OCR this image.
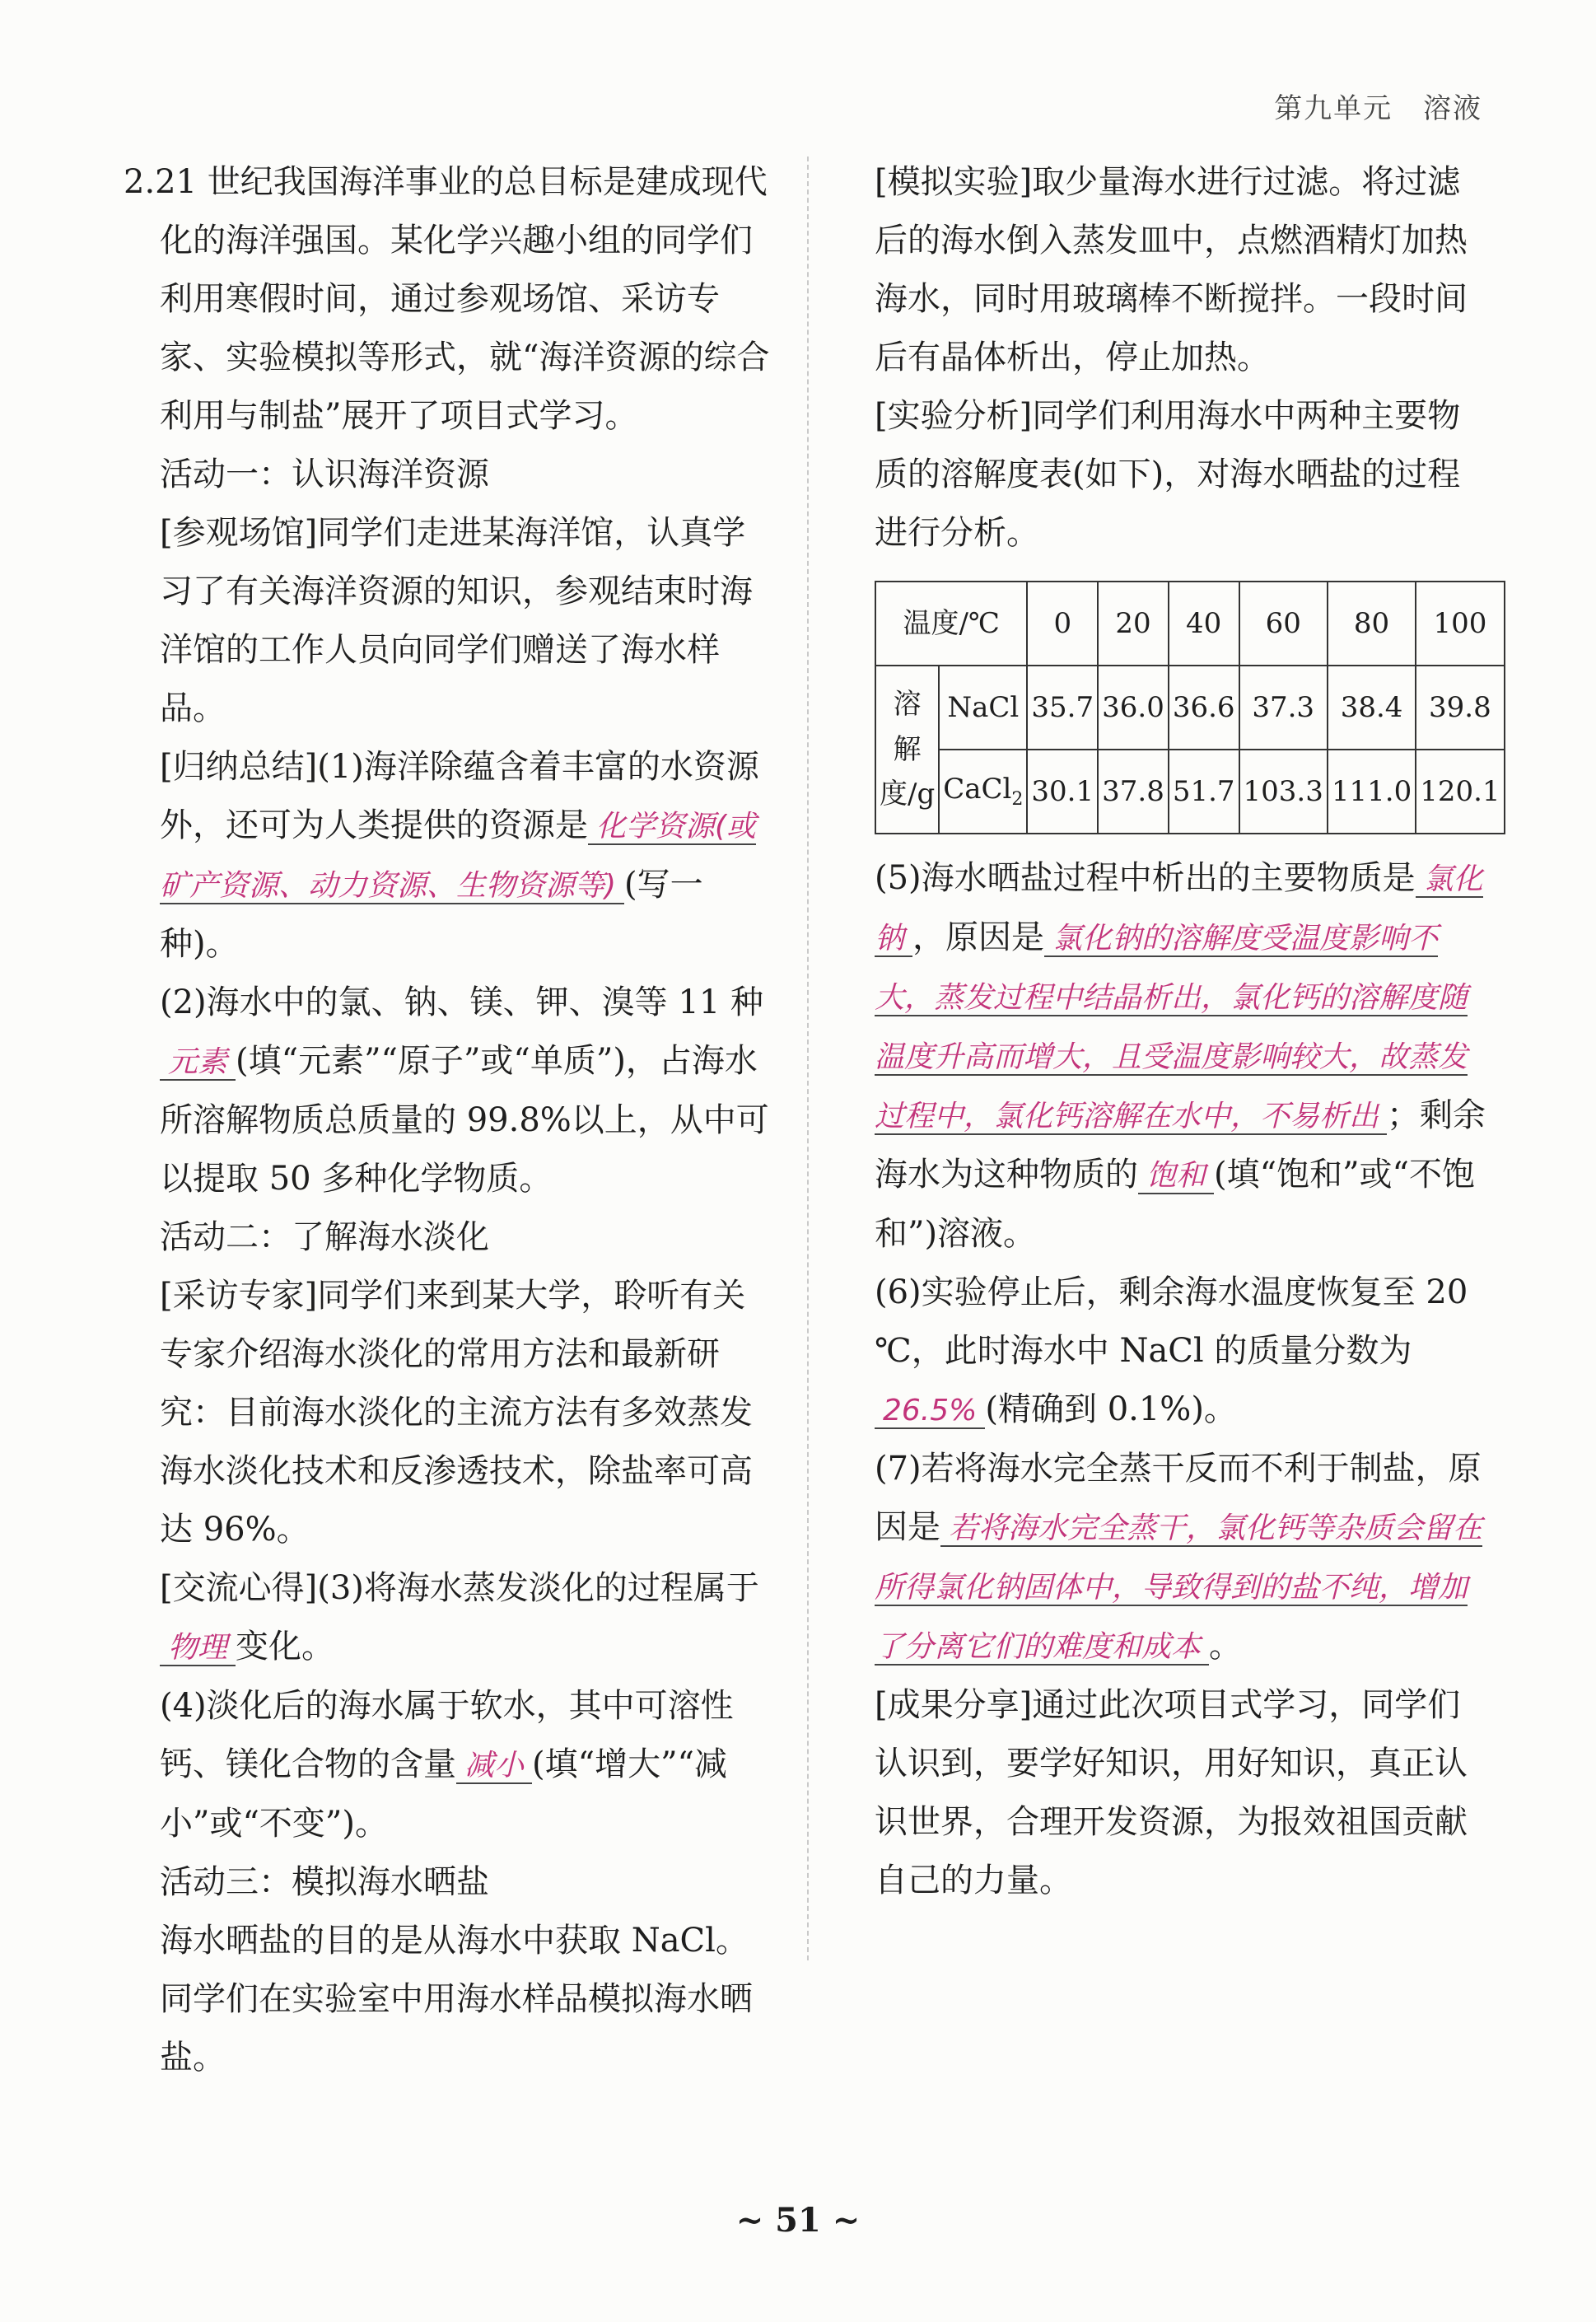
第九单元 溶液

2.21 世纪我国海洋事业的总目标是建成现代化的海洋强国。某化学兴趣小组的同学们利用寒假时间，通过参观场馆、采访专家、实验模拟等形式，就“海洋资源的综合利用与制盐”展开了项目式学习。

活动一：认识海洋资源

[参观场馆]同学们走进某海洋馆，认真学习了有关海洋资源的知识，参观结束时海洋馆的工作人员向同学们赠送了海水样品。

[归纳总结](1)海洋除蕴含着丰富的水资源外，还可为人类提供的资源是 化学资源(或矿产资源、动力资源、生物资源等) (写一种)。

(2)海水中的氯、钠、镁、钾、溴等 11 种 元素 (填“元素”“原子”或“单质”)，占海水所溶解物质总质量的 99.8%以上，从中可以提取 50 多种化学物质。

活动二：了解海水淡化

[采访专家]同学们来到某大学，聆听有关专家介绍海水淡化的常用方法和最新研究：目前海水淡化的主流方法有多效蒸发海水淡化技术和反渗透技术，除盐率可高达 96%。

[交流心得](3)将海水蒸发淡化的过程属于物理 变化。

(4)淡化后的海水属于软水，其中可溶性钙、镁化合物的含量 减小 (填“增大”“减小”或“不变”)。

活动三：模拟海水晒盐

海水晒盐的目的是从海水中获取 NaCl。同学们在实验室中用海水样品模拟海水晒盐。

[模拟实验]取少量海水进行过滤。将过滤后的海水倒入蒸发皿中，点燃酒精灯加热海水，同时用玻璃棒不断搅拌。一段时间后有晶体析出，停止加热。

[实验分析]同学们利用海水中两种主要物质的溶解度表(如下)，对海水晒盐的过程进行分析。

温度/℃		0	20	40	60	80	100
溶解度/g	NaCl	35.7	36.0	36.6	37.3	38.4	39.8
	CaCl$_2$	30.1	37.8	51.7	103.3	111.0	120.1

(5)海水晒盐过程中析出的主要物质是 氯化钠 ，原因是 氯化钠的溶解度受温度影响不大，蒸发过程中结晶析出，氯化钙的溶解度随温度升高而增大，且受温度影响较大，故蒸发过程中，氯化钙溶解在水中，不易析出 ；剩余海水为这种物质的 饱和 (填“饱和”或“不饱和”)溶液。

(6)实验停止后，剩余海水温度恢复至 20 ℃，此时海水中 NaCl 的质量分数为26.5% (精确到 0.1%)。

(7)若将海水完全蒸干反而不利于制盐，原因是 若将海水完全蒸干，氯化钙等杂质会留在所得氯化钠固体中，导致得到的盐不纯，增加了分离它们的难度和成本 。

[成果分享]通过此次项目式学习，同学们认识到，要学好知识，用好知识，真正认识世界，合理开发资源，为报效祖国贡献自己的力量。

~ 51 ~
